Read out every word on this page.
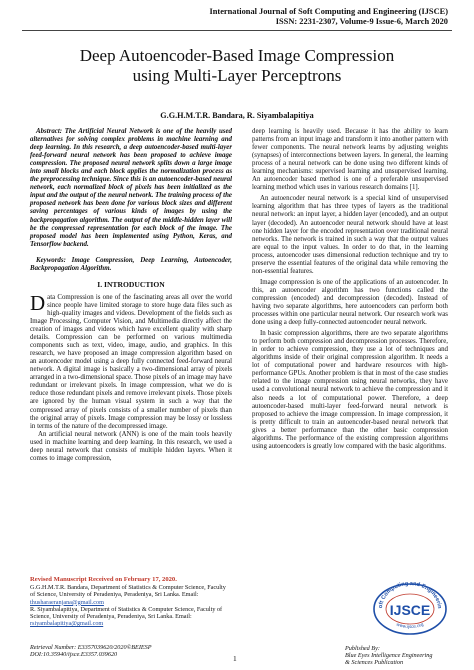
International Journal of Soft Computing and Engineering (IJSCE)
ISSN: 2231-2307, Volume-9 Issue-6, March 2020
Deep Autoencoder-Based Image Compression
using Multi-Layer Perceptrons
G.G.H.M.T.R. Bandara, R. Siyambalapitiya

Abstract: The Artificial Neural Network is one of the heavily used alternatives for solving complex problems in machine learning and deep learning. In this research, a deep autoencoder-based multi-layer feed-forward neural network has been proposed to achieve image compression. The proposed neural network splits down a large image into small blocks and each block applies the normalization process as the preprocessing technique. Since this is an autoencoder-based neural network, each normalized block of pixels has been initialized as the input and the output of the neural network. The training process of the proposed network has been done for various block sizes and different saving percentages of various kinds of images by using the backpropagation algorithm. The output of the middle-hidden layer will be the compressed representation for each block of the image. The proposed model has been implemented using Python, Keras, and Tensorflow backend.

Keywords: Image Compression, Deep Learning, Autoencoder, Backpropagation Algorithm.

I. INTRODUCTION

Data Compression is one of the fascinating areas all over the world since people have limited storage to store huge data files such as high-quality images and videos. Development of the fields such as Image Processing, Computer Vision, and Multimedia directly affect the creation of images and videos which have excellent quality with sharp details. Compression can be performed on various multimedia components such as text, video, image, audio, and graphics. In this research, we have proposed an image compression algorithm based on an autoencoder model using a deep fully connected feed-forward neural network. A digital image is basically a two-dimensional array of pixels arranged in a two-dimensional space. Those pixels of an image may have redundant or irrelevant pixels. In image compression, what we do is reduce those redundant pixels and remove irrelevant pixels. Those pixels are ignored by the human visual system in such a way that the compressed array of pixels consists of a smaller number of pixels than the original array of pixels. Image compression may be lossy or lossless in terms of the nature of the decompressed image.

An artificial neural network (ANN) is one of the main tools heavily used in machine learning and deep learning. In this research, we used a deep neural network that consists of multiple hidden layers. When it comes to image compression,

deep learning is heavily used. Because it has the ability to learn patterns from an input image and transform it into another pattern with fewer components. The neural network learns by adjusting weights (synapses) of interconnections between layers. In general, the learning process of a neural network can be done using two different kinds of learning mechanisms: supervised learning and unsupervised learning. An autoencoder based method is one of a preferable unsupervised learning method which uses in various research domains [1].

An autoencoder neural network is a special kind of unsupervised learning algorithm that has three types of layers as the traditional neural network: an input layer, a hidden layer (encoded), and an output layer (decoded). An autoencoder neural network should have at least one hidden layer for the encoded representation over traditional neural networks. The network is trained in such a way that the output values are equal to the input values. In order to do that, in the learning process, autoencoder uses dimensional reduction technique and try to preserve the essential features of the original data while removing the non-essential features.

Image compression is one of the applications of an autoencoder. In this, an autoencoder algorithm has two functions called the compression (encoded) and decompression (decoded). Instead of having two separate algorithms, here autoencoders can perform both processes within one particular neural network. Our research work was done using a deep fully-connected autoencoder neural network.

In basic compression algorithms, there are two separate algorithms to perform both compression and decompression processes. Therefore, in order to achieve compression, they use a lot of techniques and algorithms inside of their original compression algorithm. It needs a lot of computational power and hardware resources with high-performance GPUs. Another problem is that in most of the case studies related to the image compression using neural networks, they have used a convolutional neural network to achieve the compression and it also needs a lot of computational power. Therefore, a deep autoencoder-based multi-layer feed-forward neural network is proposed to achieve the image compression. In image compression, it is pretty difficult to train an autoencoder-based neural network that gives a better performance than the other basic compression algorithms. The performance of the existing compression algorithms using autoencoders is greatly low compared with the basic algorithms.

Revised Manuscript Received on February 17, 2020.
G.G.H.M.T.R. Bandara, Department of Statistics & Computer Science, Faculty of Science, University of Peradeniya, Peradeniya, Sri Lanka. Email: thusharaeranjana@gmail.com
R. Siyambalapitiya, Department of Statistics & Computer Science, Faculty of Science, University of Peradeniya, Peradeniya, Sri Lanka. Email: rsiyambalapitiya@gmail.com
Retrieval Number: E3357039620/2020©BEIESP
DOI:10.35940/ijsce.E3357.039620	1
oft Computing and Engineerin
www.ijsce.org
IJSCE
Published By:
Blue Eyes Intelligence Engineering
& Sciences Publication
